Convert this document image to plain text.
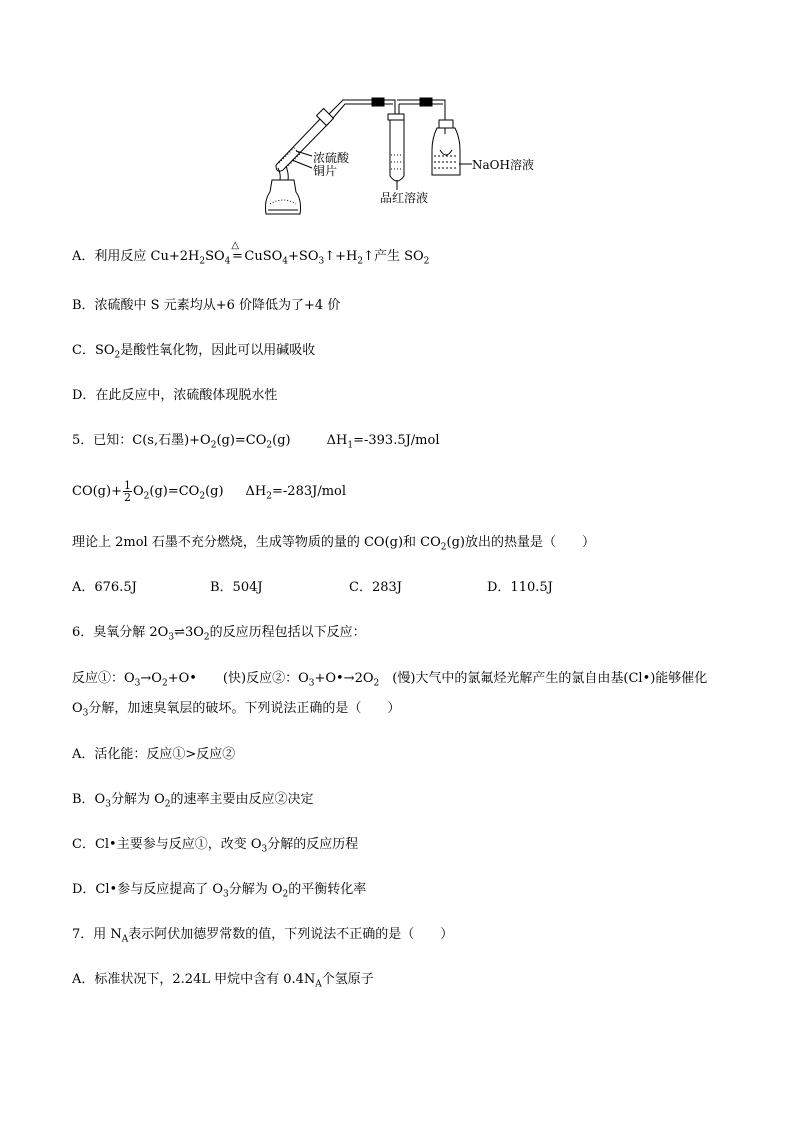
浓硫酸
铜片
品红溶液
NaOH溶液
A．利用反应 $Cu+2H_2SO_4$
△
= $CuSO_4+SO_3↑+H_2↑$产生 $SO_2$
B．浓硫酸中 S 元素均从+6 价降低为了+4 价
C．$SO_2$是酸性氧化物，因此可以用碱吸收
D．在此反应中，浓硫酸体现脱水性
5．已知：C(s,石墨)$+O_2(g)=CO_2(g)$	$\Delta H_1=-393.5J$/mol
$CO(g)+ \frac{1}{2} O_2(g)=CO_2(g)$ $\Delta H_2=-283J$/mol
理论上 2mol 石墨不充分燃烧，生成等物质的量的 CO(g)和 $CO_2(g)$放出的热量是（　　）
A．676.5J	B．504J	C．283J	D．110.5J
6．臭氧分解 $2O_3\rightleftharpoons 3O_2$的反应历程包括以下反应：
反应①：$O_3\to O_2+O•$　　(快)反应②：$O_3+O•\to 2O_2$　(慢)大气中的氯氟烃光解产生的氯自由基(Cl•)能够催化
$O_3$分解，加速臭氧层的破坏。下列说法正确的是（　　）
A．活化能：反应①>反应②
B．$O_3$分解为 $O_2$的速率主要由反应②决定
C．Cl•主要参与反应①，改变 $O_3$分解的反应历程
D．Cl•参与反应提高了 $O_3$分解为 $O_2$的平衡转化率
7．用 $N_A$表示阿伏加德罗常数的值，下列说法不正确的是（　　）
A．标准状况下，2.24L 甲烷中含有 $0.4N_A$个氢原子
